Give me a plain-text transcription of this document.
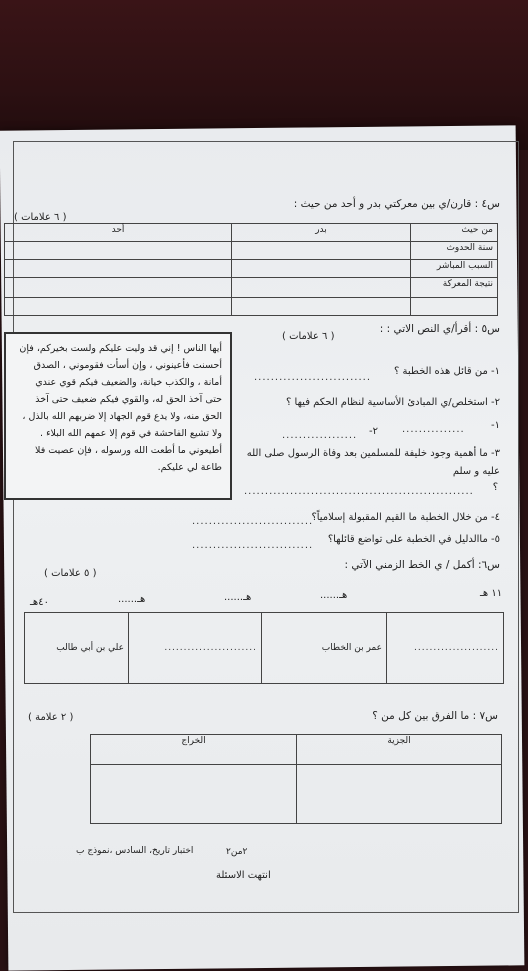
س٤ : قارن/ي بين معركتي بدر و أحد من حيث :
( ٦ علامات )
من حيث	بدر	أحد
سنة الحدوث		
السبب المباشر		
نتيجة المعركة		

س٥ : أقرأ/ي النص الاتي : :
( ٦ علامات )
أيها الناس ! إني قد وليت عليكم ولست بخيركم، فإن
أحسنت فأعينوني ، وإن أسأت فقوموني ، الصدق
أمانة ، والكذب خيانة، والضعيف فيكم قوي عندي
حتى آخذ الحق له، والقوي فيكم ضعيف حتى آخذ
الحق منه، ولا يدع قوم الجهاد إلا ضربهم الله بالذل ،
ولا تشيع الفاحشة في قوم إلا عمهم الله البلاء .
أطيعوني ما أطعت الله ورسوله ، فإن عصيت فلا
طاعة لي عليكم.
١- من قائل هذه الخطبة ؟
............................
٢- استخلص/ي المبادئ الأساسية لنظام الحكم فيها ؟
١-
...............
٢-
..................
٣- ما أهمية وجود خليفة للمسلمين بعد وفاة الرسول صلى الله
عليه و سلم
؟
.......................................................
٤- من خلال الخطبة ما القيم المقبولة إسلامياً؟
.............................
٥- ماالدليل في الخطبة على تواضع قائلها؟
.............................
س٦: أكمل / ي الخط الزمني الآتي :
( ٥ علامات )
١١ هـ
هـ......
هـ......
هـ......
٤٠هـ
......................	عمر بن الخطاب	........................	علي بن أبي طالب
س٧ : ما الفرق بين كل من ؟
( ٢ علامة )
الجزية	الخراج

٢من٢
اختبار تاريخ، السادس ،نموذج ب
انتهت الاسئلة
